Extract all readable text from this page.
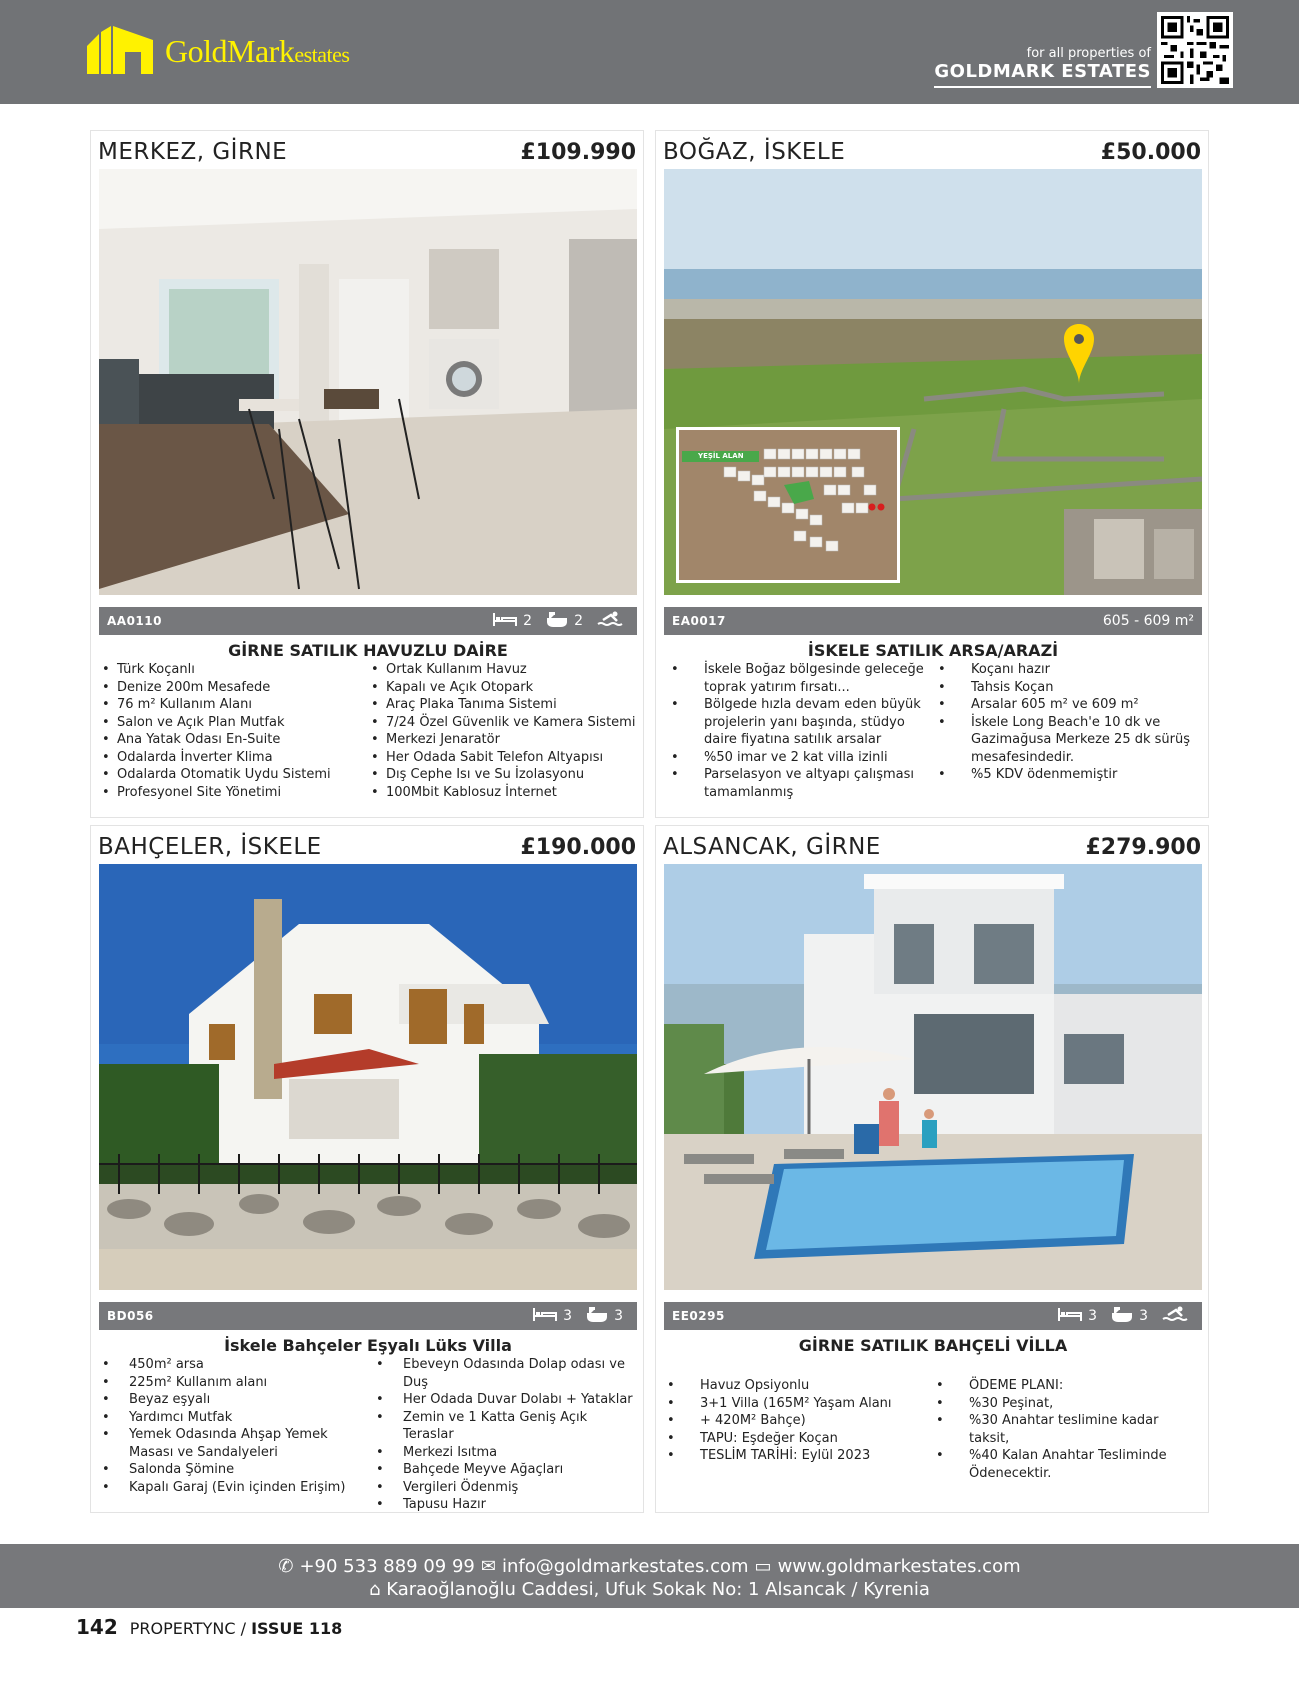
GoldMarkestates	for all properties of
GOLDMARK ESTATES
MERKEZ, GİRNE	£109.990
AA0110	2	2
GİRNE SATILIK HAVUZLU DAİRE
• Türk Koçanlı
• Denize 200m Mesafede
• 76 m² Kullanım Alanı
• Salon ve Açık Plan Mutfak
• Ana Yatak Odası En-Suite
• Odalarda İnverter Klima
• Odalarda Otomatik Uydu Sistemi
• Profesyonel Site Yönetimi
• Ortak Kullanım Havuz
• Kapalı ve Açık Otopark
• Araç Plaka Tanıma Sistemi
• 7/24 Özel Güvenlik ve Kamera Sistemi
• Merkezi Jenaratör
• Her Odada Sabit Telefon Altyapısı
• Dış Cephe Isı ve Su İzolasyonu
• 100Mbit Kablosuz İnternet
BOĞAZ, İSKELE	£50.000
YEŞİL ALAN
EA0017	605 - 609 m²
İSKELE SATILIK ARSA/ARAZİ
• İskele Boğaz bölgesinde geleceğe toprak yatırım fırsatı...
• Bölgede hızla devam eden büyük projelerin yanı başında, stüdyo daire fiyatına satılık arsalar
• %50 imar ve 2 kat villa izinli
• Parselasyon ve altyapı çalışması tamamlanmış
• Koçanı hazır
• Tahsis Koçan
• Arsalar 605 m² ve 609 m²
• İskele Long Beach'e 10 dk ve Gazimağusa Merkeze 25 dk sürüş mesafesindedir.
• %5 KDV ödenmemiştir
BAHÇELER, İSKELE	£190.000
BD056	3	3
İskele Bahçeler Eşyalı Lüks Villa
• 450m² arsa
• 225m² Kullanım alanı
• Beyaz eşyalı
• Yardımcı Mutfak
• Yemek Odasında Ahşap Yemek Masası ve Sandalyeleri
• Salonda Şömine
• Kapalı Garaj (Evin içinden Erişim)
• Ebeveyn Odasında Dolap odası ve Duş
• Her Odada Duvar Dolabı + Yataklar
• Zemin ve 1 Katta Geniş Açık Teraslar
• Merkezi Isıtma
• Bahçede Meyve Ağaçları
• Vergileri Ödenmiş
• Tapusu Hazır
ALSANCAK, GİRNE	£279.900
EE0295	3	3
GİRNE SATILIK BAHÇELİ VİLLA
• Havuz Opsiyonlu
• 3+1 Villa (165M² Yaşam Alanı
• + 420M² Bahçe)
• TAPU: Eşdeğer Koçan
• TESLİM TARİHİ: Eylül 2023
• ÖDEME PLANI:
• %30 Peşinat,
• %30 Anahtar teslimine kadar taksit,
• %40 Kalan Anahtar Tesliminde Ödenecektir.
✆ +90 533 889 09 99 ✉ info@goldmarkestates.com ▭ www.goldmarkestates.com
⌂ Karaoğlanoğlu Caddesi, Ufuk Sokak No: 1 Alsancak / Kyrenia
142 PROPERTYNC / ISSUE 118
